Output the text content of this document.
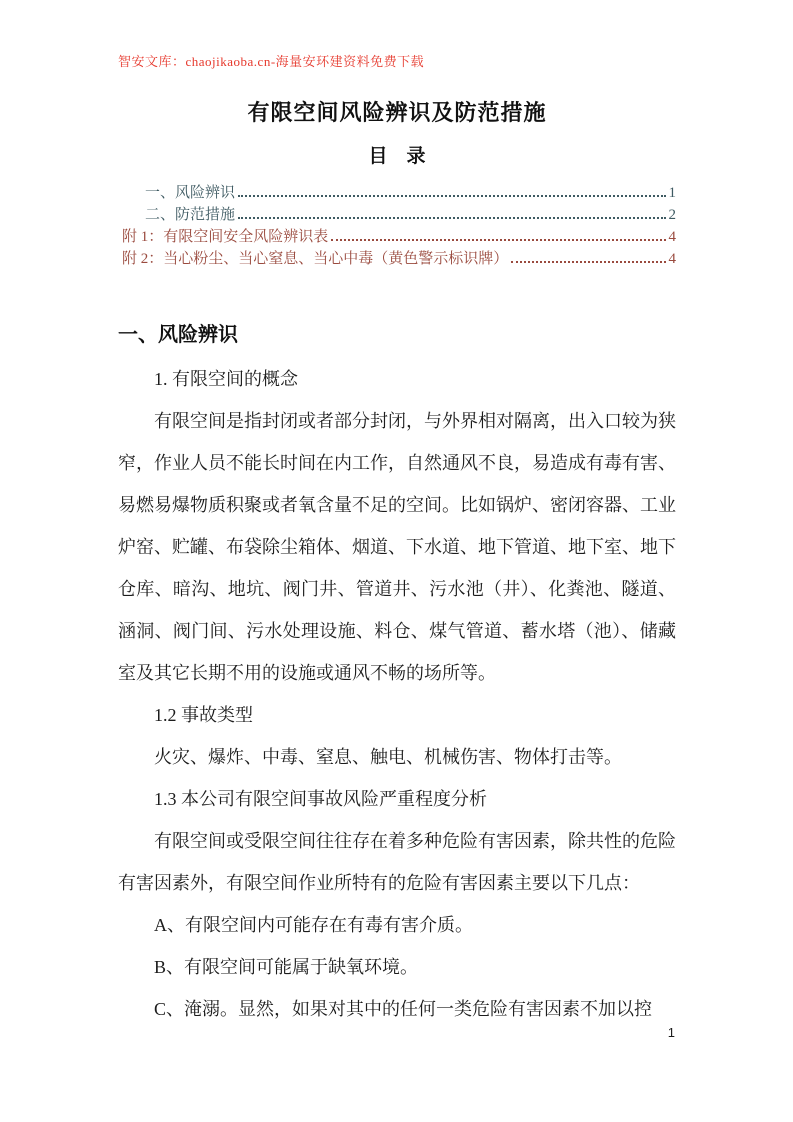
智安文库：chaojikaoba.cn-海量安环建资料免费下载
有限空间风险辨识及防范措施
目　录
一、风险辨识	1
二、防范措施	2
附 1：有限空间安全风险辨识表	4
附 2：当心粉尘、当心窒息、当心中毒（黄色警示标识牌）	4
一、风险辨识

1. 有限空间的概念

有限空间是指封闭或者部分封闭，与外界相对隔离，出入口较为狭窄，作业人员不能长时间在内工作，自然通风不良，易造成有毒有害、易燃易爆物质积聚或者氧含量不足的空间。比如锅炉、密闭容器、工业炉窑、贮罐、布袋除尘箱体、烟道、下水道、地下管道、地下室、地下仓库、暗沟、地坑、阀门井、管道井、污水池（井）、化粪池、隧道、涵洞、阀门间、污水处理设施、料仓、煤气管道、蓄水塔（池）、储藏室及其它长期不用的设施或通风不畅的场所等。

1.2 事故类型

火灾、爆炸、中毒、窒息、触电、机械伤害、物体打击等。

1.3 本公司有限空间事故风险严重程度分析

有限空间或受限空间往往存在着多种危险有害因素，除共性的危险有害因素外，有限空间作业所特有的危险有害因素主要以下几点：

A、有限空间内可能存在有毒有害介质。

B、有限空间可能属于缺氧环境。

C、淹溺。显然，如果对其中的任何一类危险有害因素不加以控

1
